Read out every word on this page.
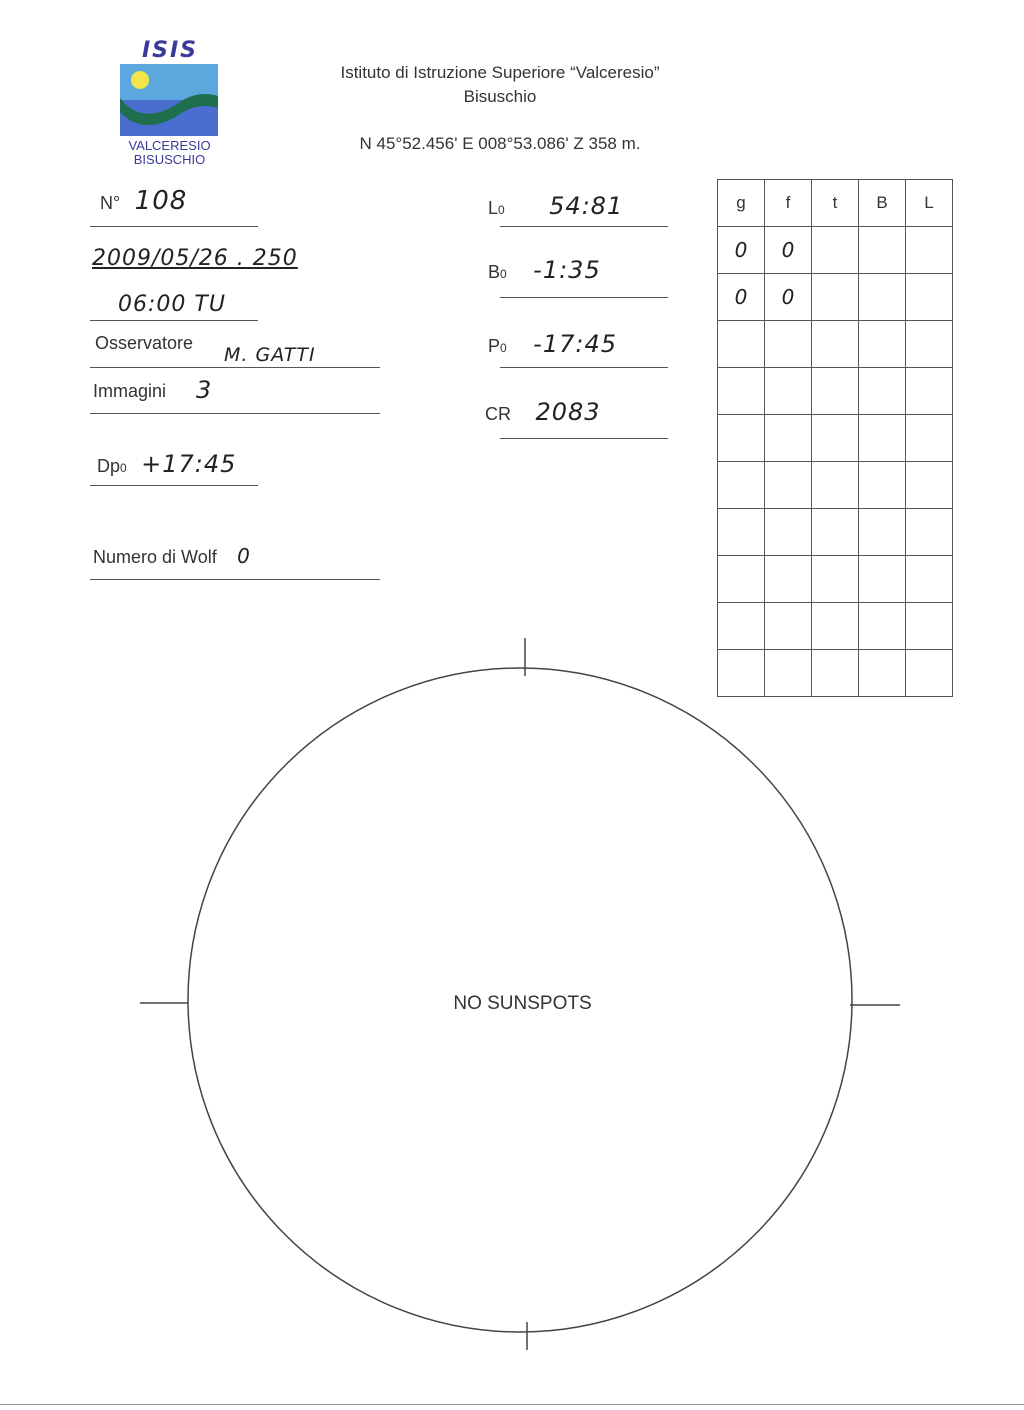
ISIS
VALCERESIO
BISUSCHIO
Istituto di Istruzione Superiore “Valceresio”
Bisuschio
N 45°52.456' E 008°53.086' Z 358 m.
N° 108
2009/05/26 . 250
06:00 TU
Osservatore
M. GATTI
Immagini 3
Dp0 +17:45
Numero di Wolf 0
L0 54:81
B0 -1:35
P0 -17:45
CR 2083
g	f	t	B	L
0	0			
0	0			

NO SUNSPOTS
